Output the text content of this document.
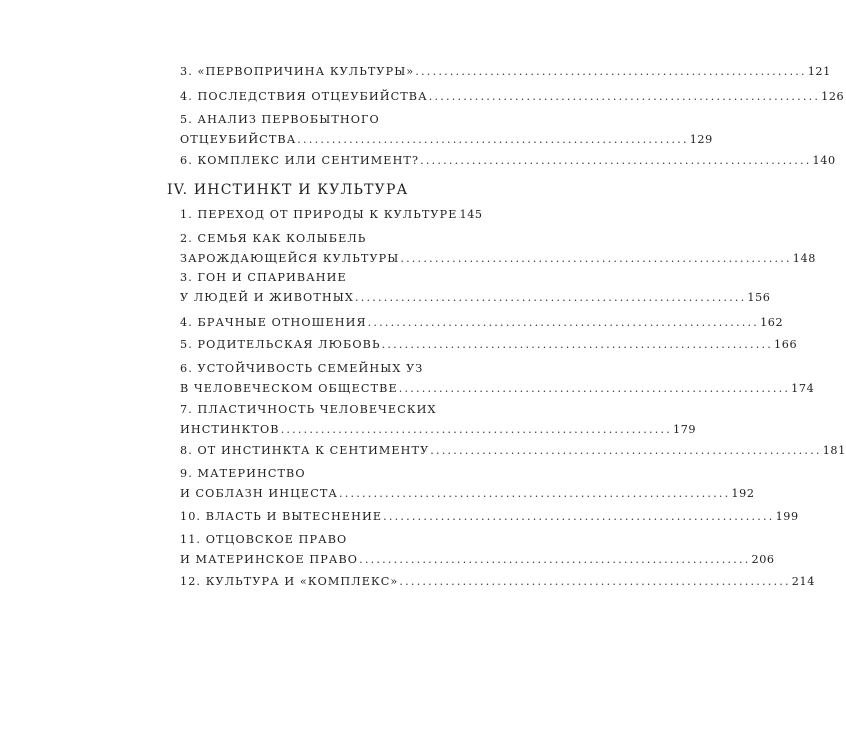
3. «ПЕРВОПРИЧИНА КУЛЬТУРЫ» .................................................................... 121
4. ПОСЛЕДСТВИЯ ОТЦЕУБИЙСТВА .................................................................... 126
5. АНАЛИЗ ПЕРВОБЫТНОГО
ОТЦЕУБИЙСТВА .................................................................... 129
6. КОМПЛЕКС ИЛИ СЕНТИМЕНТ? .................................................................... 140
IV. ИНСТИНКТ И КУЛЬТУРА
1. ПЕРЕХОД ОТ ПРИРОДЫ К КУЛЬТУРЕ 145
2. СЕМЬЯ КАК КОЛЫБЕЛЬ
ЗАРОЖДАЮЩЕЙСЯ КУЛЬТУРЫ .................................................................... 148
3. ГОН И СПАРИВАНИЕ
У ЛЮДЕЙ И ЖИВОТНЫХ .................................................................... 156
4. БРАЧНЫЕ ОТНОШЕНИЯ .................................................................... 162
5. РОДИТЕЛЬСКАЯ ЛЮБОВЬ .................................................................... 166
6. УСТОЙЧИВОСТЬ СЕМЕЙНЫХ УЗ
В ЧЕЛОВЕЧЕСКОМ ОБЩЕСТВЕ .................................................................... 174
7. ПЛАСТИЧНОСТЬ ЧЕЛОВЕЧЕСКИХ
ИНСТИНКТОВ .................................................................... 179
8. ОТ ИНСТИНКТА К СЕНТИМЕНТУ .................................................................... 181
9. МАТЕРИНСТВО
И СОБЛАЗН ИНЦЕСТА .................................................................... 192
10. ВЛАСТЬ И ВЫТЕСНЕНИЕ .................................................................... 199
11. ОТЦОВСКОЕ ПРАВО
И МАТЕРИНСКОЕ ПРАВО .................................................................... 206
12. КУЛЬТУРА И «КОМПЛЕКС» .................................................................... 214
